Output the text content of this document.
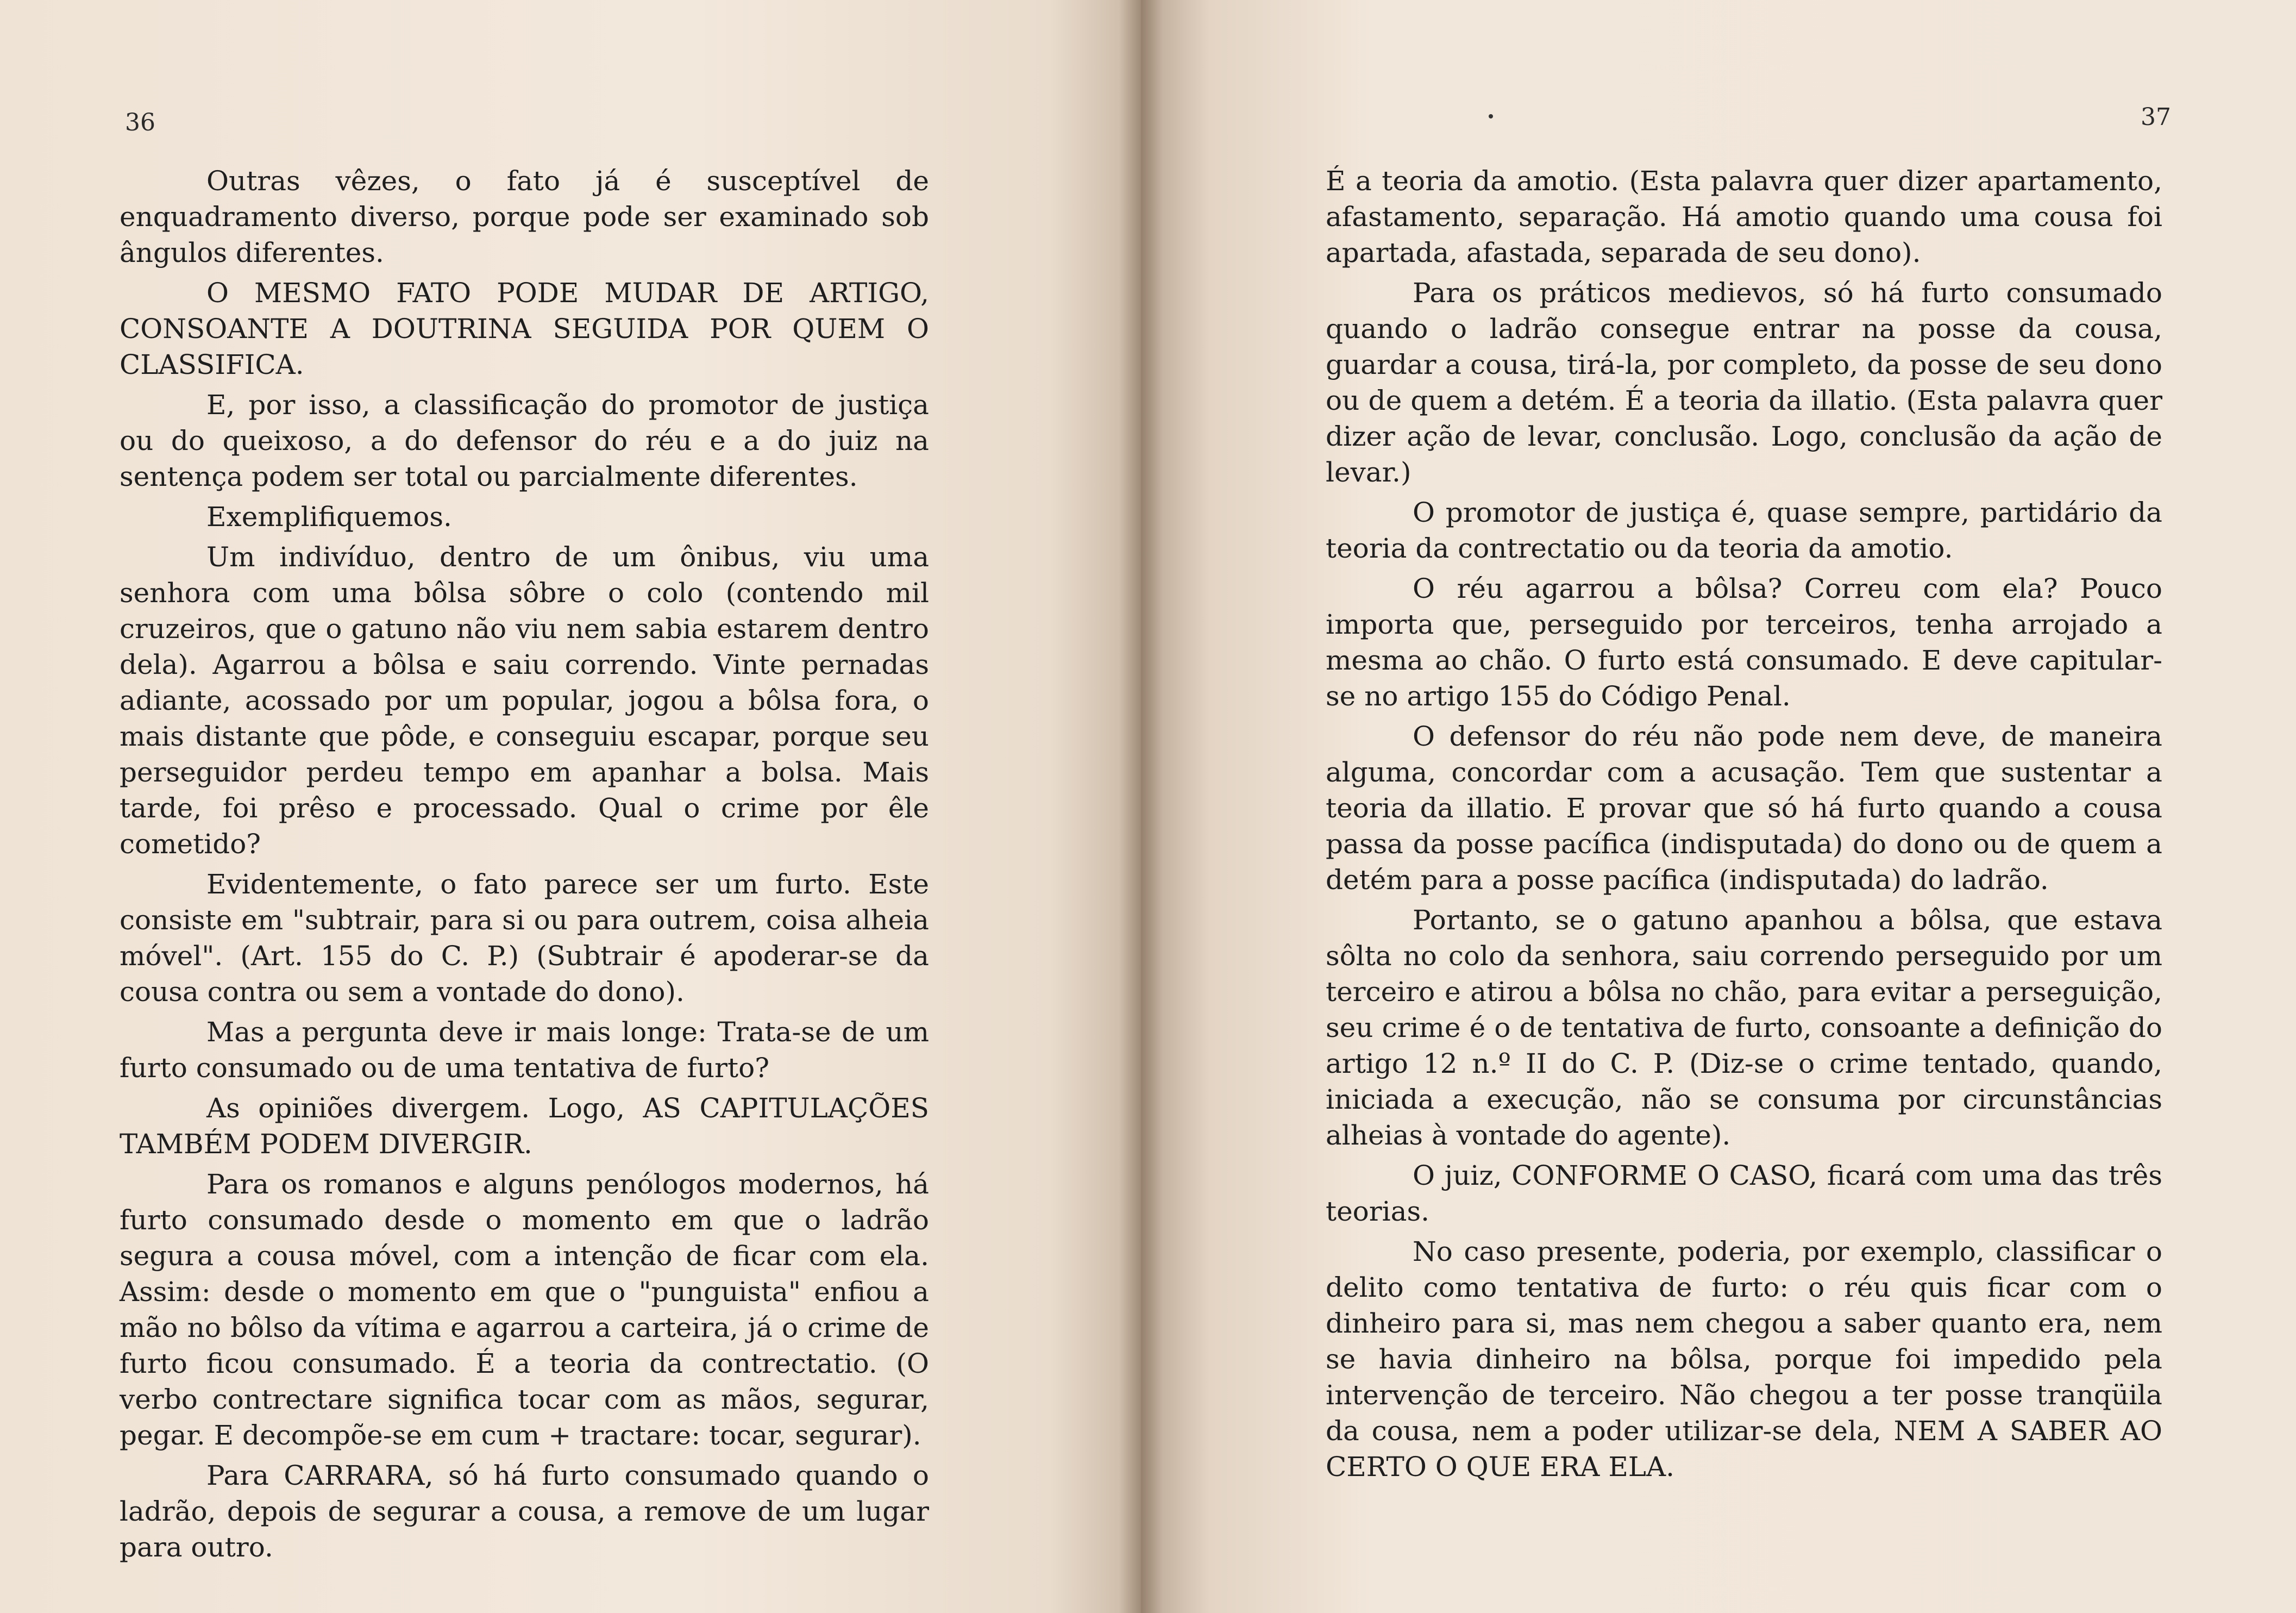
36

Outras vêzes, o fato já é susceptível de enquadramento diverso, porque pode ser examinado sob ângulos diferentes.

O MESMO FATO PODE MUDAR DE ARTIGO, CONSOANTE A DOUTRINA SEGUIDA POR QUEM O CLASSIFICA.

E, por isso, a classificação do promotor de justiça ou do queixoso, a do defensor do réu e a do juiz na sentença podem ser total ou parcialmente diferentes.

Exemplifiquemos.

Um indivíduo, dentro de um ônibus, viu uma senhora com uma bôlsa sôbre o colo (contendo mil cruzeiros, que o gatuno não viu nem sabia estarem dentro dela). Agarrou a bôlsa e saiu correndo. Vinte pernadas adiante, acossado por um popular, jogou a bôlsa fora, o mais distante que pôde, e conseguiu escapar, porque seu perseguidor perdeu tempo em apanhar a bolsa. Mais tarde, foi prêso e processado. Qual o crime por êle cometido?

Evidentemente, o fato parece ser um furto. Este consiste em "subtrair, para si ou para outrem, coisa alheia móvel". (Art. 155 do C. P.) (Subtrair é apoderar-se da cousa contra ou sem a vontade do dono).

Mas a pergunta deve ir mais longe: Trata-se de um furto consumado ou de uma tentativa de furto?

As opiniões divergem. Logo, AS CAPITULAÇÕES TAMBÉM PODEM DIVERGIR.

Para os romanos e alguns penólogos modernos, há furto consumado desde o momento em que o ladrão segura a cousa móvel, com a intenção de ficar com ela. Assim: desde o momento em que o "punguista" enfiou a mão no bôlso da vítima e agarrou a carteira, já o crime de furto ficou consumado. É a teoria da contrectatio. (O verbo contrectare significa tocar com as mãos, segurar, pegar. E decompõe-se em cum + tractare: tocar, segurar).

Para CARRARA, só há furto consumado quando o ladrão, depois de segurar a cousa, a remove de um lugar para outro.

37

É a teoria da amotio. (Esta palavra quer dizer apartamento, afastamento, separação. Há amotio quando uma cousa foi apartada, afastada, separada de seu dono).

Para os práticos medievos, só há furto consumado quando o ladrão consegue entrar na posse da cousa, guardar a cousa, tirá-la, por completo, da posse de seu dono ou de quem a detém. É a teoria da illatio. (Esta palavra quer dizer ação de levar, conclusão. Logo, conclusão da ação de levar.)

O promotor de justiça é, quase sempre, partidário da teoria da contrectatio ou da teoria da amotio.

O réu agarrou a bôlsa? Correu com ela? Pouco importa que, perseguido por terceiros, tenha arrojado a mesma ao chão. O furto está consumado. E deve capitular-se no artigo 155 do Código Penal.

O defensor do réu não pode nem deve, de maneira alguma, concordar com a acusação. Tem que sustentar a teoria da illatio. E provar que só há furto quando a cousa passa da posse pacífica (indisputada) do dono ou de quem a detém para a posse pacífica (indisputada) do ladrão.

Portanto, se o gatuno apanhou a bôlsa, que estava sôlta no colo da senhora, saiu correndo perseguido por um terceiro e atirou a bôlsa no chão, para evitar a perseguição, seu crime é o de tentativa de furto, consoante a definição do artigo 12 n.º II do C. P. (Diz-se o crime tentado, quando, iniciada a execução, não se consuma por circunstâncias alheias à vontade do agente).

O juiz, CONFORME O CASO, ficará com uma das três teorias.

No caso presente, poderia, por exemplo, classificar o delito como tentativa de furto: o réu quis ficar com o dinheiro para si, mas nem chegou a saber quanto era, nem se havia dinheiro na bôlsa, porque foi impedido pela intervenção de terceiro. Não chegou a ter posse tranqüila da cousa, nem a poder utilizar-se dela, NEM A SABER AO CERTO O QUE ERA ELA.
